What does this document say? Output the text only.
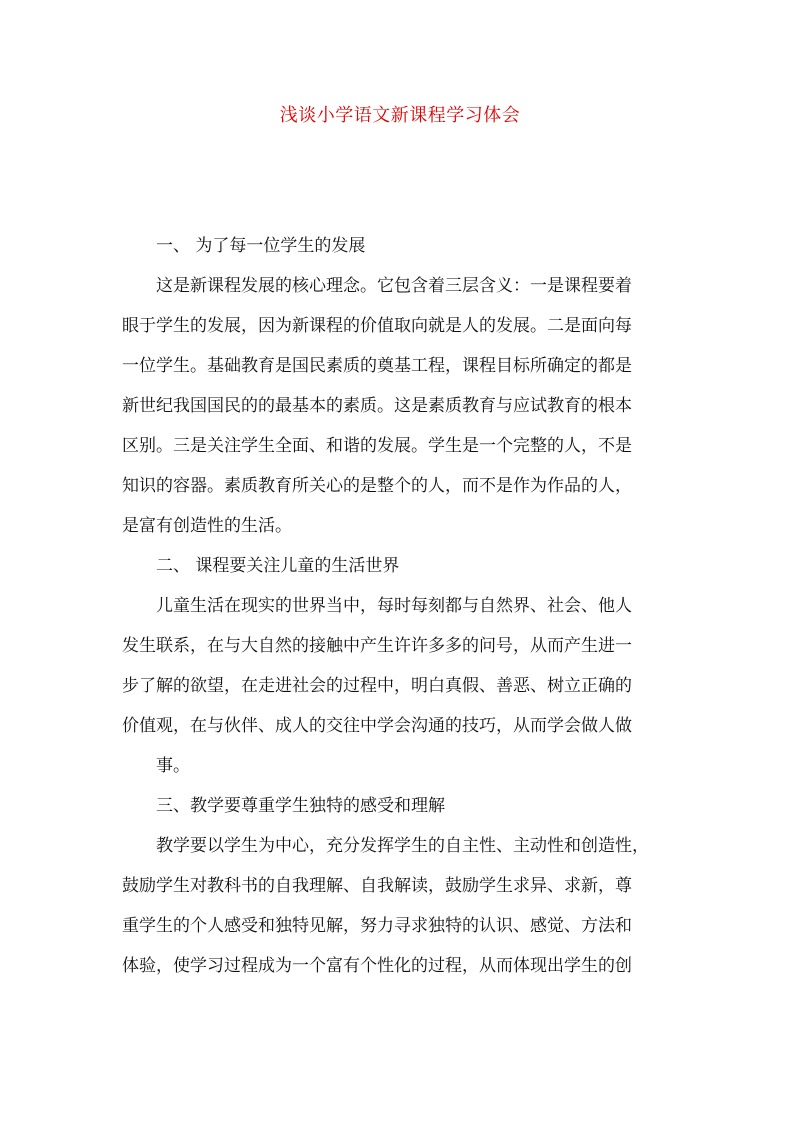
浅谈小学语文新课程学习体会

一、 为了每一位学生的发展

这是新课程发展的核心理念。它包含着三层含义：一是课程要着
眼于学生的发展，因为新课程的价值取向就是人的发展。二是面向每
一位学生。基础教育是国民素质的奠基工程，课程目标所确定的都是
新世纪我国国民的的最基本的素质。这是素质教育与应试教育的根本
区别。三是关注学生全面、和谐的发展。学生是一个完整的人，不是
知识的容器。素质教育所关心的是整个的人，而不是作为作品的人，
是富有创造性的生活。

二、 课程要关注儿童的生活世界

儿童生活在现实的世界当中，每时每刻都与自然界、社会、他人
发生联系，在与大自然的接触中产生许许多多的问号，从而产生进一
步了解的欲望，在走进社会的过程中，明白真假、善恶、树立正确的
价值观，在与伙伴、成人的交往中学会沟通的技巧，从而学会做人做
事。

三、教学要尊重学生独特的感受和理解

教学要以学生为中心，充分发挥学生的自主性、主动性和创造性，
鼓励学生对教科书的自我理解、自我解读，鼓励学生求异、求新，尊
重学生的个人感受和独特见解，努力寻求独特的认识、感觉、方法和
体验，使学习过程成为一个富有个性化的过程，从而体现出学生的创
